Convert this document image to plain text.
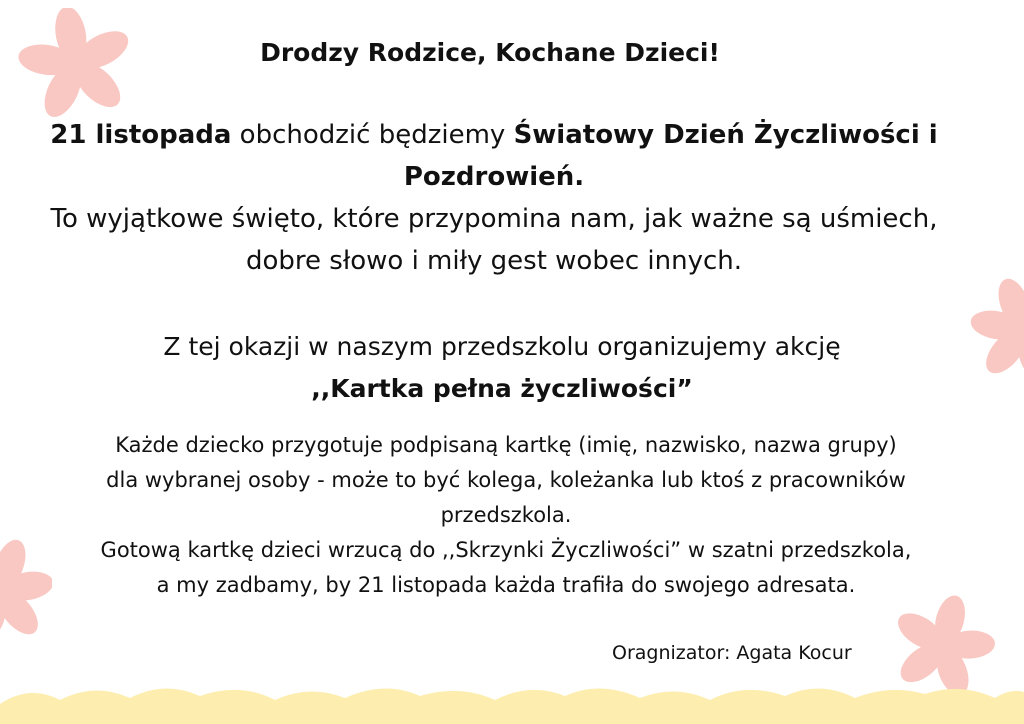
Drodzy Rodzice, Kochane Dzieci!

21 listopada obchodzić będziemy Światowy Dzień Życzliwości i Pozdrowień.
To wyjątkowe święto, które przypomina nam, jak ważne są uśmiech,
dobre słowo i miły gest wobec innych.

Z tej okazji w naszym przedszkolu organizujemy akcję
,,Kartka pełna życzliwości”

Każde dziecko przygotuje podpisaną kartkę (imię, nazwisko, nazwa grupy)
dla wybranej osoby - może to być kolega, koleżanka lub ktoś z pracowników
przedszkola.
Gotową kartkę dzieci wrzucą do ,,Skrzynki Życzliwości” w szatni przedszkola,
a my zadbamy, by 21 listopada każda trafiła do swojego adresata.

Oragnizator: Agata Kocur
